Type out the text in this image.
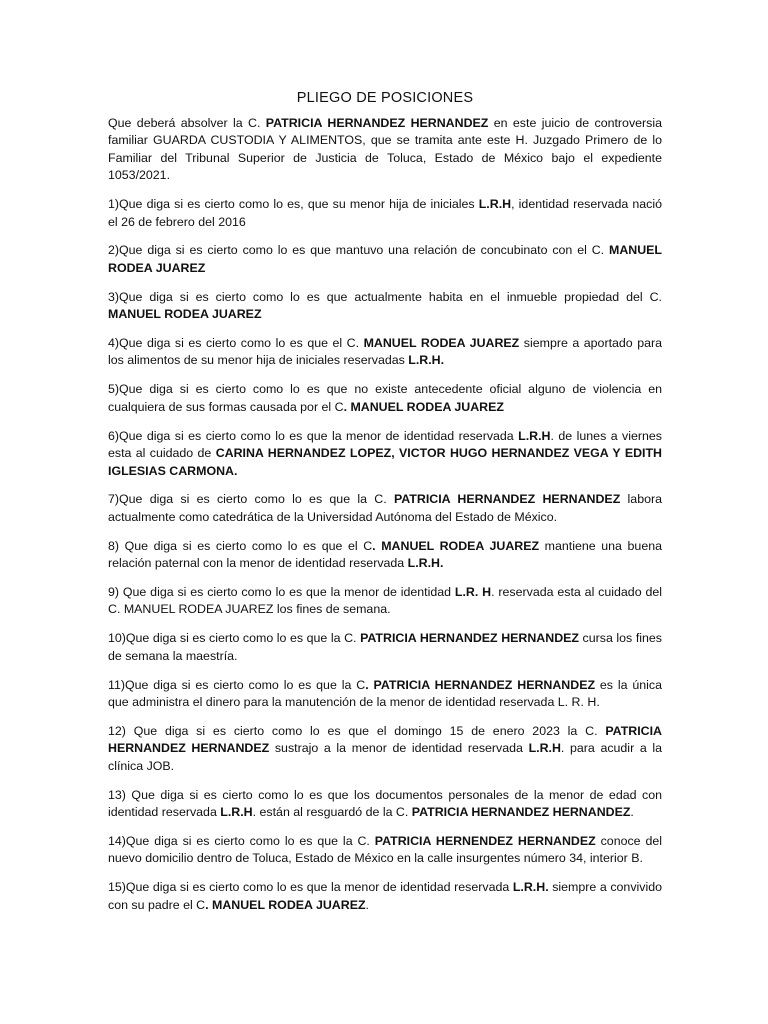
PLIEGO DE POSICIONES

Que deberá absolver la C. PATRICIA HERNANDEZ HERNANDEZ en este juicio de controversia familiar GUARDA CUSTODIA Y ALIMENTOS, que se tramita ante este H. Juzgado Primero de lo Familiar del Tribunal Superior de Justicia de Toluca, Estado de México bajo el expediente 1053/2021.

1)Que diga si es cierto como lo es, que su menor hija de iniciales L.R.H, identidad reservada nació el 26 de febrero del 2016

2)Que diga si es cierto como lo es que mantuvo una relación de concubinato con el C. MANUEL RODEA JUAREZ

3)Que diga si es cierto como lo es que actualmente habita en el inmueble propiedad del C. MANUEL RODEA JUAREZ

4)Que diga si es cierto como lo es que el C. MANUEL RODEA JUAREZ siempre a aportado para los alimentos de su menor hija de iniciales reservadas L.R.H.

5)Que diga si es cierto como lo es que no existe antecedente oficial alguno de violencia en cualquiera de sus formas causada por el C. MANUEL RODEA JUAREZ

6)Que diga si es cierto como lo es que la menor de identidad reservada L.R.H. de lunes a viernes esta al cuidado de CARINA HERNANDEZ LOPEZ, VICTOR HUGO HERNANDEZ VEGA Y EDITH IGLESIAS CARMONA.

7)Que diga si es cierto como lo es que la C. PATRICIA HERNANDEZ HERNANDEZ labora actualmente como catedrática de la Universidad Autónoma del Estado de México.

8) Que diga si es cierto como lo es que el C. MANUEL RODEA JUAREZ mantiene una buena relación paternal con la menor de identidad reservada L.R.H.

9) Que diga si es cierto como lo es que la menor de identidad L.R. H. reservada esta al cuidado del C. MANUEL RODEA JUAREZ los fines de semana.

10)Que diga si es cierto como lo es que la C. PATRICIA HERNANDEZ HERNANDEZ cursa los fines de semana la maestría.

11)Que diga si es cierto como lo es que la C. PATRICIA HERNANDEZ HERNANDEZ es la única que administra el dinero para la manutención de la menor de identidad reservada L. R. H.

12) Que diga si es cierto como lo es que el domingo 15 de enero 2023 la C. PATRICIA HERNANDEZ HERNANDEZ sustrajo a la menor de identidad reservada L.R.H. para acudir a la clínica JOB.

13) Que diga si es cierto como lo es que los documentos personales de la menor de edad con identidad reservada L.R.H. están al resguardó de la C. PATRICIA HERNANDEZ HERNANDEZ.

14)Que diga si es cierto como lo es que la C. PATRICIA HERNENDEZ HERNANDEZ conoce del nuevo domicilio dentro de Toluca, Estado de México en la calle insurgentes número 34, interior B.

15)Que diga si es cierto como lo es que la menor de identidad reservada L.R.H. siempre a convivido con su padre el C. MANUEL RODEA JUAREZ.
